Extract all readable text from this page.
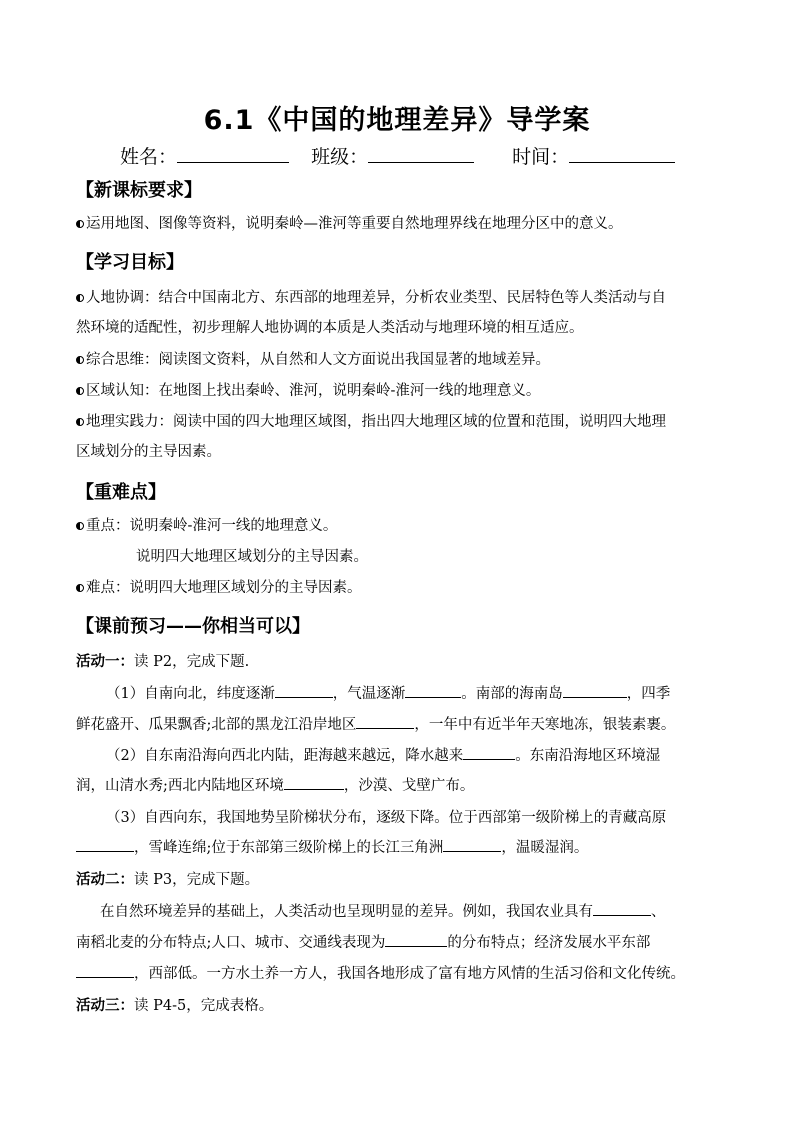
6.1《中国的地理差异》导学案
姓名：	班级：	时间：
【新课标要求】
运用地图、图像等资料，说明秦岭—淮河等重要自然地理界线在地理分区中的意义。
【学习目标】
人地协调：结合中国南北方、东西部的地理差异，分析农业类型、民居特色等人类活动与自
然环境的适配性，初步理解人地协调的本质是人类活动与地理环境的相互适应。
综合思维：阅读图文资料，从自然和人文方面说出我国显著的地域差异。
区域认知：在地图上找出秦岭、淮河，说明秦岭-淮河一线的地理意义。
地理实践力：阅读中国的四大地理区域图，指出四大地理区域的位置和范围，说明四大地理
区域划分的主导因素。
【重难点】
重点：说明秦岭-淮河一线的地理意义。
说明四大地理区域划分的主导因素。
难点：说明四大地理区域划分的主导因素。
【课前预习——你相当可以】
活动一：读 P2，完成下题.
（1）自南向北，纬度逐渐	，气温逐渐	。南部的海南岛	，四季
鲜花盛开、瓜果飘香;北部的黑龙江沿岸地区	，一年中有近半年天寒地冻，银装素裹。
（2）自东南沿海向西北内陆，距海越来越远，降水越来	。东南沿海地区环境湿
润，山清水秀;西北内陆地区环境	，沙漠、戈壁广布。
（3）自西向东，我国地势呈阶梯状分布，逐级下降。位于西部第一级阶梯上的青藏高原
，雪峰连绵;位于东部第三级阶梯上的长江三角洲	，温暖湿润。
活动二：读 P3，完成下题。
在自然环境差异的基础上，人类活动也呈现明显的差异。例如，我国农业具有	、
南稻北麦的分布特点;人口、城市、交通线表现为	的分布特点；经济发展水平东部
，西部低。一方水土养一方人，我国各地形成了富有地方风情的生活习俗和文化传统。
活动三：读 P4-5，完成表格。
